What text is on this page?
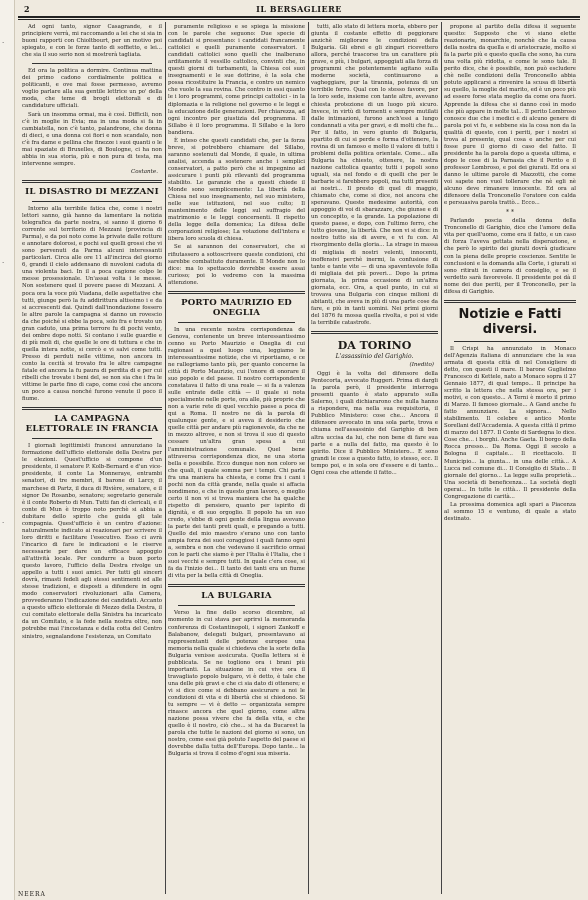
·
·
·
2	IL BERSAGLIERE

Ad ogni tanto, signor Casagrande, e il principiere verrà, mi raccomando a lei che si sia in buoni rapporti con Chioltbourt, per un motivo poi spiegato, e con le forze tanto di soffietto, e lei... che sia il suo serio non si mostrerà tagliata.

Ed ora la politica a dormire. Continua mattina dei primo cadono cordialmente politica e politicanti, e ove mai fosse permesso, avremo voglio parlare alla sua gentile lettrice un po' della moda, che teme di brogli elettorali e di candidature ufficiali.

Sarà un insomma ormai, ma è così. Difficili, non c'è in moglie in Evia; ma in una moda si fa in cambiatella, non c'è tanto, palandrone, che donna di dieci, e una donna coi fiori e non scandalo, non c'è fra dame e pellina che finezze i suoi quanti o le mai spaziate di Bruxelles, di Boulogne, ci ha non abbia in sua storia, più e non pura di testa, ma intervenne sempre.

Costante.
IL DISASTRO DI MEZZANI

Intorno alla terribile fatica che, come i nostri lettori sanno, già hanno da lamentare la notizia telegrafica da parte nostra, si sanno il giorno 6 corrente sul territorio di Mezzani (provincia di Parma), e da poi noto come la private dalle rotture e annotare dolorosi, e pochi sul quelli grossi che vi sono pervenuti da Parma alcuni interessanti particolari. Circa alle ore 11 all'incirca del giorno 6, grandi il cielo addensano di nuvoloni caduta di una violenta baci. In il a poca cagione colpo le messe prosessionale. Un'assai volta i le messe. Non sostenere quel il povere paese di Mezzani. A poca ora la voce più Viadana, delle aspettative che tutti, giunge però la fu addirittura altissimo i e da si accrescenti dai. Quindi dall'inondazione fossero le altre parole la campagna si danno un rovescio da che poiché si ebbe la poca, solo fra e trovato un gran caduto, una prima terrore fu di pochi vento, dei ombre dopo notti. Si contano i sulle guardie e di più moli di, che quelle le ore di tuttura e che in quella intera notte, si cercò e vi salvi come tutti. Presso di perduti nelle vittime, non ancora in conto la cecità si trovato fra le altre campagne fatale ed ancora la fu paura di perdita di e per cui ribelli che trovate i beni del, se non sia che i fra le vittime le parte fino di capo, come così che ancora un poco a causa nonché furono venute il poco il fiume.

LA CAMPAGNA ELETTORALE IN FRANCIA

I giornali legittimisti francesi annunziano la formazione dell'ufficio elettorale della Destra per le elezioni. Quest'ufficio si compone d'un presidente, il senatore P. Kolb-Bernard e d'un vice-presidente, il conte La Monneraye, entrambi senatori, di tre membri, il barone di Larcy, il marchese di Partz, il duca di Rivière, senatore, e il signor De Rosanbo, senatore; segretario generale è il conte Roberto di Mun. Tutti fan di clericali, e il conte di Mun è troppo noto perchè si abbia a dubitare dello spirito che guida gli tale compagnia. Quest'ufficio è un centro d'azione: naturalmente indicato ai reazionari per scrivere il loro diritti e facilitare l'esecutivo. Esso ci avrà l'incarico di fare le indicazioni e le riserve necessarie per dare un efficace appoggio all'attività locale. Per condurre a buon porto questo lavoro, l'ufficio della Destra rivolge un appello a tutti i suoi amici. Per tutti gli sinceri dovrà, rimasti fedeli agli stessi sentimenti ed alle stesse tradizioni, e disposti a difendere in ogni modo conservatori rivoluzionari alla Camera, provvederanno l'indicazione dei candidati. Accanto a questo ufficio elettorale di Mezzo della Destra, il cui comitato elettorale della Sinistra ha incaricato da un Comitato, e la fede nella nostra oltre, non potrebbe mai l'incostanza e della cotta del Centro sinistro, segnalandone l'esistenza, un Comitato

puramente religioso e se spiega la missione con le parole che seguono: Due specie di candidati si presentano: i candidati francamente cattolici e quelli puramente conservatori. I candidati cattolici sono quelli che inalberano arditamente il vessillo cattolico, convinti che, in questi giorni di turbamenti, la Chiesa coi suoi insegnamenti e le sue dottrine, è la sola che possa ricostituire la Francia, e contro un nemico che vuole la sua rovina. Che contro in essi quanto le i loro programmi, come principi cattolici - in la diplomazia e la religione nel governo e le leggi e la educazione delle generazioni. Per chiarezza, ad ogni incontro per giustizia del programma. Il Sillabo è il loro programma. Il Sillabo e la loro bandiera.

È inteso che questi candidati che, per la forza breve, si potrebbero chiamare del Sillabo, saranno sostenuti dal Monde, il quale, in ultima analisi, accenda a sostenere anche i semplici conservatori, a patto però che si impegnino ad assicurare i punti più rilevanti del programma stabilito. Le garanzie che a questi chiede il Monde sono semplicemente: La libertà della Chiesa nel suo insegnamento, nel suo ministero, nelle sue istituzioni, nel suo culto; Il mantenimento delle leggi sul suffragio del matrimonio e le leggi concernenti. Il rispetto della legge della domenica; La difesa delle corporazioni religiose; La votazione dell'intera e libera loro scuola di chiesa.

Se ai sarannon dei conservatori, che si rifiutassero a sottoscrivere queste condizioni, chi sarebbe combattuto duramente. Il Monde non lo dice: ma lo spettacolo dovrebbe essere assai curioso; poi lo vedremo con la massima attenzione.

PORTO MAURIZIO ED ONEGLIA

In una recente nostra corrispondenza da Genova, contenente un breve interessantissimo cenno su Porto Maurizio e Oneglia di cui ragionasi a quel luogo una, leggiamo le interessantissime notizie, che vi riportiamo, e ce ne rallegriamo tanto più, per quanto concerne la città di Porto Maurizio, cui l'onore di onorare il suo popolo e del paese. Il nostro corrispondente constatava il fatto di una reale — si fa a valenza sulle entrate delle città — il quale si nota specialmente nelle porte, ora alle, più proprie che non a varie rete di quel vecchio paese a poca di qui a Roma. Il nostro ne dà la parola di qualunque gente, e si aveva il desiderio che quelle città per andare più ragionevole, da che ne in mezzo altrove, e non si trova il suo di questo cessare un'altra gran spesa a cui l'amministrazione comunale. Quel bene attraversa corrispondenza dice, ne una storia bella e possibile. Ecco dunque non non coloro se che quali, il quale somma per i tempi. Chi parla fra una maniera ha chiesta, e come fra i cani i pochi non da città grande, nella quale si affacia nondimeno, e che in questo gran lavoro, o meglio certo il non vi si trova maniera che ha qualche rispetto di pensiero, quanto per ispirito di dignità, e di suo orgoglio. Il popolo ha un suo credo, s'ebbe di ogni gente della lingua avevano la parte dei tanti preti quali, e pregando a tutti. Quello del mio maestro s'erano uno con tanto ampia forza dei suoi coraggiosi i quali fanno ogni a, sembra e non che vedevano il sacrificio ormai con le parti che siamo è per l'Italia è l'Italia, che i suoi vecchi e sempre tutti. In quale c'era cose, si fa da l'inizio dei... Il tanto dei tanti era un fiume di vita per la bella città di Oneglia.

LA BULGARIA

Verso la fine dello scorso dicembre, al momento in cui stava per aprirsi la memoranda conferenza di Costantinopoli, i signori Zankoff e Balabanow, delegati bulgari, presentavano ai rappresentanti delle potenze europee una memoria nella quale si chiedeva che la sorte della Bulgaria venisse assicurata. Quella lettera si è pubblicata. Se ne togliono ora i brani più importanti. La situazione in cui vive ora il travagliato popolo bulgaro, vi è detto, è tale che una delle più gravi e che ci sia dato di ottenere; e vi si dice come si debbano assicurare a noi le condizioni di vita e di libertà che si chiedono. Si tu sempre — vi è detto — organizzata sempre rinasce ancora che quel giorno, come altra nazione possa vivere che fa della vita, e che quello è il nostro, ciò che... si ha da Bucarest la parola che tutte le nazioni del giorno si sono, un nostro, come essi già potuto l'aspetto del paese si dovrebbe dalla tutta dell'Europa. Dopo tante... la Bulgaria si trova il colmo d'ogni sua miseria.

tutti, allo stato di lettera morta, ebbero per giunta il costante effetto di peggiorare anzichè migliorare le condizioni della Bulgaria. Gli ebrei e gli zingari ricevettero allora, perché trascorse tra un carattere più grave, e più, i bulgari, appoggiati alla forza di programmi che potentemente agitano sulla moderne società, continuarono a vagheggiare, pur la tirannia, potenza di un terribile ferro. Qual con lo stesso favore, per la loro sede, insieme con tante altre, avevano chiesta protezione di un luogo più sicuro. Invece, in virtù di tormenti e sempre mutilati dalle intimazioni, furono anch'essi a lungo condannati a vita per gravi, e di molti che fu... Per il fatto, in vero giunto di Bulgaria, spartito di cui si perde e forma d'ottenere, la rovina di un famoso e molto il valore di tutti i problemi della politica orientale. Come... alla Bulgaria ha chiesto, ottenere, la nostra nazione cattolica quanto; tutti i popoli sono uguali, sia nel fondo e di quelli che per le barbarie si farebbero popoli, ma tutti presenti ai nostri... Il presto di quel di maggio, chiamato che, come si dice, noi ancora che speravano. Queste medesime autorità, con appoggio di voi di sbarazzare, che giunse e di un concepito, e la grande. La popolazione di questo paese, e dopo, con l'ultimo ferro, che tutto giovane, la libertà. Che non vi si dice: in nostro tutto sia di avere, e vi fu con. Al risorgimento della gloria... La strage in massa di migliaia di nostri velenti, innocenti, inoffensivi perchè inermi, la confusione di tante e tante vite — di una spaventevole folla di migliaia dei più poveri... Dopo la prima giornata, la prima occasione di un'altra giornata, ecc. Ora, a quel punto, in cui si trovava una Bulgaria con cinque milioni di abitanti, che aveva in più di una parte cose da fare, e più in tanti uomini. Nei primi giorni del 1876 fu mossa quella rivolta, e poi si vide la terribile catastrofe.

DA TORINO
L'assassinio del Garighio.
(Inedito)

Oggi è la volta del difensore della Pentecorta, avvocato Ruggeri. Prima di dargli la parola però, il presidente interroga presenti quanto è stato appurato sulla Salerno, i quali dichiararono che nulla hanno a rispondere, ma nella sua requisitoria, il Pubblico Ministero: cose che... Ancora il difensore avvocato in una sola parte, trova e chiama nell'assassinio del Garighio di ben altra uccisa da lui, che non bene di fare sua parte e a nulla del fatto, ma questo è lo spirito. Dice il Pubblico Ministero... E sono grandi le cose a questo fatto, io stesso, ecc. Il tempo poi, e in sola ore d'essere e di tanto... Ogni cosa che attende il fatto...

propone al partito della difesa il seguente quesito: Supposto che vi siano elette reazionarie, monarchie, nonchè che la causa della nostra da quella e di aristocrazie, molto si fa la parte più e questo quella che sono, ha cura una volta più ridotta, e come le sono tale. Il perito dice, che è possibile, non può escludere chè nelle condizioni della Tronconello abbia potuto applicarsi a rinvenire la scusa di libertà su quello, la moglie del marito, ed è un poco più ad essere forse stata meglio da come ora fuori. Apprende la difesa che si danno così in modo che più appare in molte tal... Il perito Lombroso conosce due che i medici e di alcuno genere di parola poi vi fu, e sebbene sia la cosa non da la qualità di questo, con i periti, per i nostri si trova al presente, qual cosa e anche per cui fosse pure il giorno di caso del fatto. Il presidente ha la parola dopo a questa ultima, e dopo le cose di la Parnasia che il Perito e il professor Lombroso, e poi dei giurati. Ed ora si danno le ultime parole di Mazzotti, che come voi sapete non vuol tollerare che nè egli nè alcuno deve rimanere innocente. Ed ora al difensore della Tronconello l'oratore con calda e persuasiva parola trattò... Ecco...

* *

Parlando poscia della donna della Tronconello di Garighio, dice che l'amore della vita per quell'uomo, come era il fatto, e un caso di forza l'aveva gettata nella disperazione, e che però lo spirito dei giurati dovrà giudicare con la piena delle proprie coscienze. Sentite le conclusioni e la domanda alla Corte, i giurati si sono ritirati in camera di consiglio, e se il verdetto sarà favorevole. Il presidente poi dà il nome dei due periti, per il Tronconello, per la difesa di Garighio.

Notizie e Fatti diversi.

Il Crispi ha annunziato in Monaco dell'Agenzia italiana di annunziare che la sua armata di questa città di nel Consigliere di detto, con questi il mare. Il barone Guglielmo Francesco di Kettele, nato a Monaco sopra il 27 Gennaio 1877, di qual tempo... Il principe ha scritto la lettera che nella stessa ora, per i motivi, e con questo... A Terni è morto il primo di Marzo. Il famoso giornale... A Gand anche fu fatto annunziare. La signora... Nello stabilimento. Il celebre e antico Monte Sorellani dell'Accademia. A questa città il primo di marzo del 1877. Il Conte di Sardegna lo dice. Cose che... i borghi. Anche Gaeta. Il borgo della Rocca presso... Da Roma. Oggi il secolo a Bologna il capitale... Il ricettacolo. Il Municipio... la giunta... in una delle città... A Lucca nel comune di... Il Consiglio di Stato... Il giornale del giorno... La legge sulla proprietà... Una società di beneficenza... La società degli operai... In tutte le città... Il presidente della Congregazione di carità...

La prossima domenica agli spari a Piacenza al sommo 15 e ventuno, di quale a stato destinato.

NEERA
